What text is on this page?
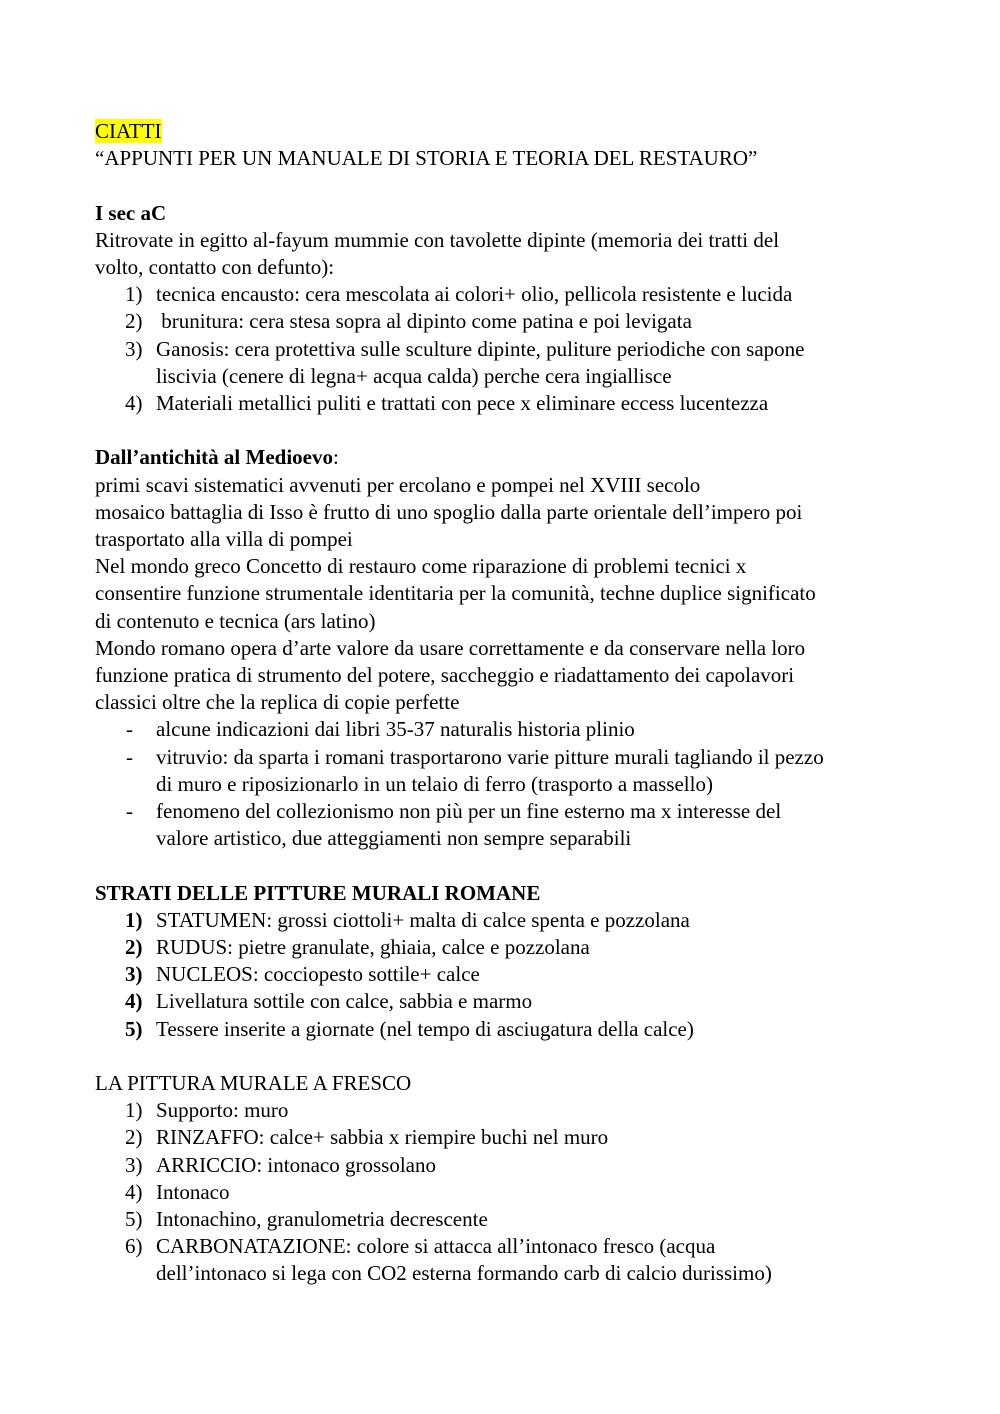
CIATTI
“APPUNTI PER UN MANUALE DI STORIA E TEORIA DEL RESTAURO”
I sec aC
Ritrovate in egitto al-fayum mummie con tavolette dipinte (memoria dei tratti del
volto, contatto con defunto):
1) tecnica encausto: cera mescolata ai colori+ olio, pellicola resistente e lucida
2) brunitura: cera stesa sopra al dipinto come patina e poi levigata
3) Ganosis: cera protettiva sulle sculture dipinte, puliture periodiche con sapone
liscivia (cenere di legna+ acqua calda) perche cera ingiallisce
4) Materiali metallici puliti e trattati con pece x eliminare eccess lucentezza
Dall’antichità al Medioevo:
primi scavi sistematici avvenuti per ercolano e pompei nel XVIII secolo
mosaico battaglia di Isso è frutto di uno spoglio dalla parte orientale dell’impero poi
trasportato alla villa di pompei
Nel mondo greco Concetto di restauro come riparazione di problemi tecnici x
consentire funzione strumentale identitaria per la comunità, techne duplice significato
di contenuto e tecnica (ars latino)
Mondo romano opera d’arte valore da usare correttamente e da conservare nella loro
funzione pratica di strumento del potere, saccheggio e riadattamento dei capolavori
classici oltre che la replica di copie perfette
- alcune indicazioni dai libri 35-37 naturalis historia plinio
- vitruvio: da sparta i romani trasportarono varie pitture murali tagliando il pezzo
di muro e riposizionarlo in un telaio di ferro (trasporto a massello)
- fenomeno del collezionismo non più per un fine esterno ma x interesse del
valore artistico, due atteggiamenti non sempre separabili
STRATI DELLE PITTURE MURALI ROMANE
1) STATUMEN: grossi ciottoli+ malta di calce spenta e pozzolana
2) RUDUS: pietre granulate, ghiaia, calce e pozzolana
3) NUCLEOS: cocciopesto sottile+ calce
4) Livellatura sottile con calce, sabbia e marmo
5) Tessere inserite a giornate (nel tempo di asciugatura della calce)
LA PITTURA MURALE A FRESCO
1) Supporto: muro
2) RINZAFFO: calce+ sabbia x riempire buchi nel muro
3) ARRICCIO: intonaco grossolano
4) Intonaco
5) Intonachino, granulometria decrescente
6) CARBONATAZIONE: colore si attacca all’intonaco fresco (acqua
dell’intonaco si lega con CO2 esterna formando carb di calcio durissimo)
